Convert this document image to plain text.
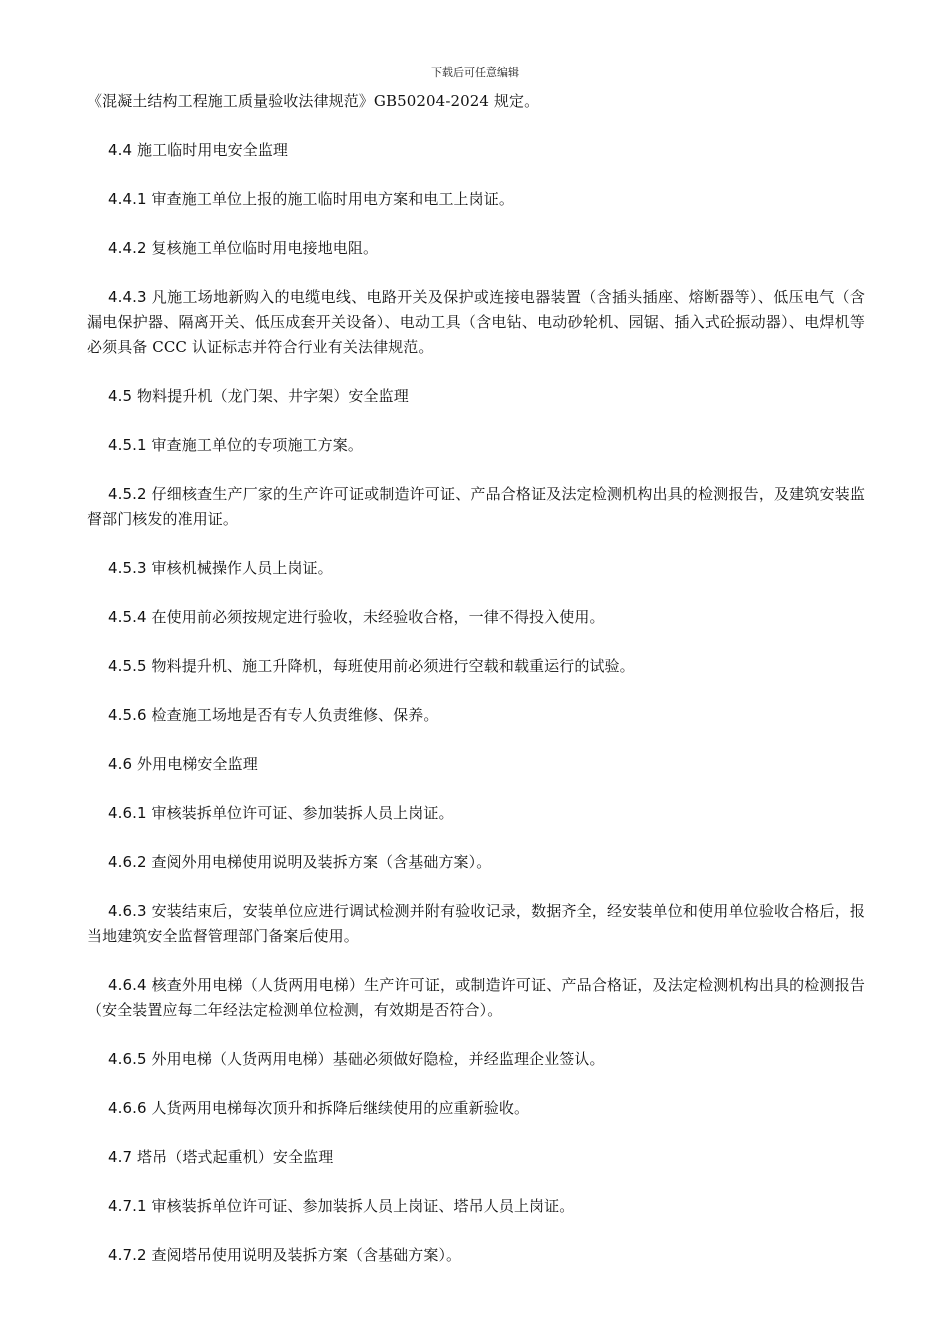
下载后可任意编辑

《混凝土结构工程施工质量验收法律规范》GB50204-2024 规定。

4.4 施工临时用电安全监理

4.4.1 审查施工单位上报的施工临时用电方案和电工上岗证。

4.4.2 复核施工单位临时用电接地电阻。

4.4.3 凡施工场地新购入的电缆电线、电路开关及保护或连接电器装置（含插头插座、熔断器等）、低压电气（含漏电保护器、隔离开关、低压成套开关设备）、电动工具（含电钻、电动砂轮机、园锯、插入式砼振动器）、电焊机等必须具备 CCC 认证标志并符合行业有关法律规范。

4.5 物料提升机（龙门架、井字架）安全监理

4.5.1 审查施工单位的专项施工方案。

4.5.2 仔细核查生产厂家的生产许可证或制造许可证、产品合格证及法定检测机构出具的检测报告，及建筑安装监督部门核发的准用证。

4.5.3 审核机械操作人员上岗证。

4.5.4 在使用前必须按规定进行验收，未经验收合格，一律不得投入使用。

4.5.5 物料提升机、施工升降机，每班使用前必须进行空载和载重运行的试验。

4.5.6 检查施工场地是否有专人负责维修、保养。

4.6 外用电梯安全监理

4.6.1 审核装拆单位许可证、参加装拆人员上岗证。

4.6.2 查阅外用电梯使用说明及装拆方案（含基础方案）。

4.6.3 安装结束后，安装单位应进行调试检测并附有验收记录，数据齐全，经安装单位和使用单位验收合格后，报当地建筑安全监督管理部门备案后使用。

4.6.4 核查外用电梯（人货两用电梯）生产许可证，或制造许可证、产品合格证，及法定检测机构出具的检测报告（安全装置应每二年经法定检测单位检测，有效期是否符合）。

4.6.5 外用电梯（人货两用电梯）基础必须做好隐检，并经监理企业签认。

4.6.6 人货两用电梯每次顶升和拆降后继续使用的应重新验收。

4.7 塔吊（塔式起重机）安全监理

4.7.1 审核装拆单位许可证、参加装拆人员上岗证、塔吊人员上岗证。

4.7.2 查阅塔吊使用说明及装拆方案（含基础方案）。
